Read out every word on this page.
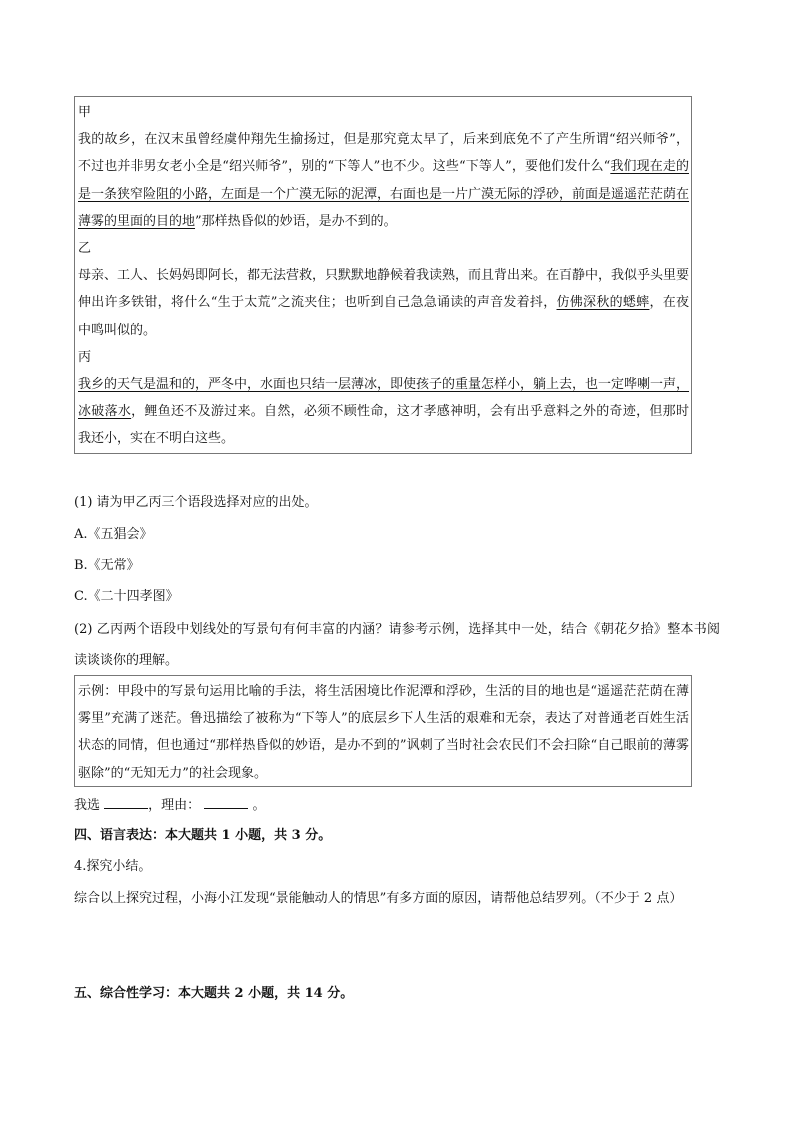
甲

我的故乡，在汉末虽曾经虞仲翔先生揄扬过，但是那究竟太早了，后来到底免不了产生所谓“绍兴师爷”，不过也并非男女老小全是“绍兴师爷”，别的“下等人”也不少。这些“下等人”，要他们发什么“我们现在走的是一条狭窄险阻的小路，左面是一个广漠无际的泥潭，右面也是一片广漠无际的浮砂，前面是遥遥茫茫荫在薄雾的里面的目的地”那样热昏似的妙语，是办不到的。

乙

母亲、工人、长妈妈即阿长，都无法营救，只默默地静候着我读熟，而且背出来。在百静中，我似乎头里要伸出许多铁钳，将什么“生于太荒”之流夹住；也听到自己急急诵读的声音发着抖，仿佛深秋的蟋蟀，在夜中鸣叫似的。

丙

我乡的天气是温和的，严冬中，水面也只结一层薄冰，即使孩子的重量怎样小，躺上去，也一定哗喇一声，冰破落水，鲤鱼还不及游过来。自然，必须不顾性命，这才孝感神明，会有出乎意料之外的奇迹，但那时我还小，实在不明白这些。

(1) 请为甲乙丙三个语段选择对应的出处。

A.《五猖会》

B.《无常》

C.《二十四孝图》

(2) 乙丙两个语段中划线处的写景句有何丰富的内涵？请参考示例，选择其中一处，结合《朝花夕拾》整本书阅读谈谈你的理解。

示例：甲段中的写景句运用比喻的手法，将生活困境比作泥潭和浮砂，生活的目的地也是“遥遥茫茫荫在薄雾里”充满了迷茫。鲁迅描绘了被称为“下等人”的底层乡下人生活的艰难和无奈，表达了对普通老百姓生活状态的同情，但也通过“那样热昏似的妙语，是办不到的”讽刺了当时社会农民们不会扫除“自己眼前的薄雾驱除”的“无知无力”的社会现象。

我选	，理由：	。

四、语言表达：本大题共 1 小题，共 3 分。

4.探究小结。

综合以上探究过程，小海小江发现“景能触动人的情思”有多方面的原因，请帮他总结罗列。（不少于 2 点）

五、综合性学习：本大题共 2 小题，共 14 分。
